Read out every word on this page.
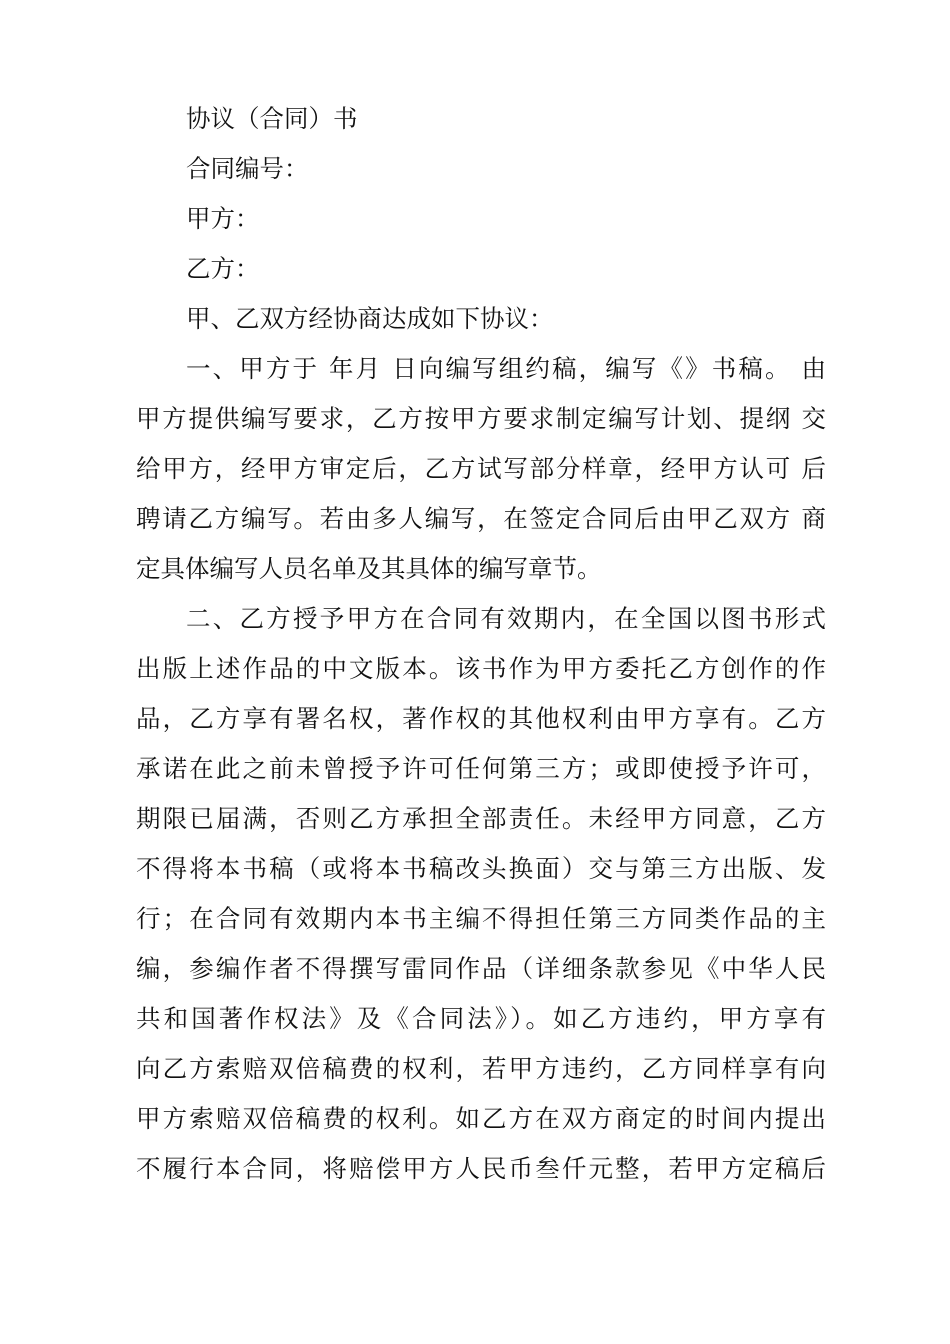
协议（合同）书
合同编号：
甲方：
乙方：
甲、乙双方经协商达成如下协议：
一、甲方于 年月 日向编写组约稿，编写《》书稿。 由
甲方提供编写要求，乙方按甲方要求制定编写计划、提纲 交
给甲方，经甲方审定后，乙方试写部分样章，经甲方认可 后
聘请乙方编写。若由多人编写，在签定合同后由甲乙双方 商
定具体编写人员名单及其具体的编写章节。
二、乙方授予甲方在合同有效期内，在全国以图书形式
出版上述作品的中文版本。该书作为甲方委托乙方创作的作
品，乙方享有署名权，著作权的其他权利由甲方享有。乙方
承诺在此之前未曾授予许可任何第三方；或即使授予许可，
期限已届满，否则乙方承担全部责任。未经甲方同意，乙方
不得将本书稿（或将本书稿改头换面）交与第三方出版、发
行；在合同有效期内本书主编不得担任第三方同类作品的主
编，参编作者不得撰写雷同作品（详细条款参见《中华人民
共和国著作权法》及《合同法》）。如乙方违约，甲方享有
向乙方索赔双倍稿费的权利，若甲方违约，乙方同样享有向
甲方索赔双倍稿费的权利。如乙方在双方商定的时间内提出
不履行本合同，将赔偿甲方人民币叁仟元整，若甲方定稿后
